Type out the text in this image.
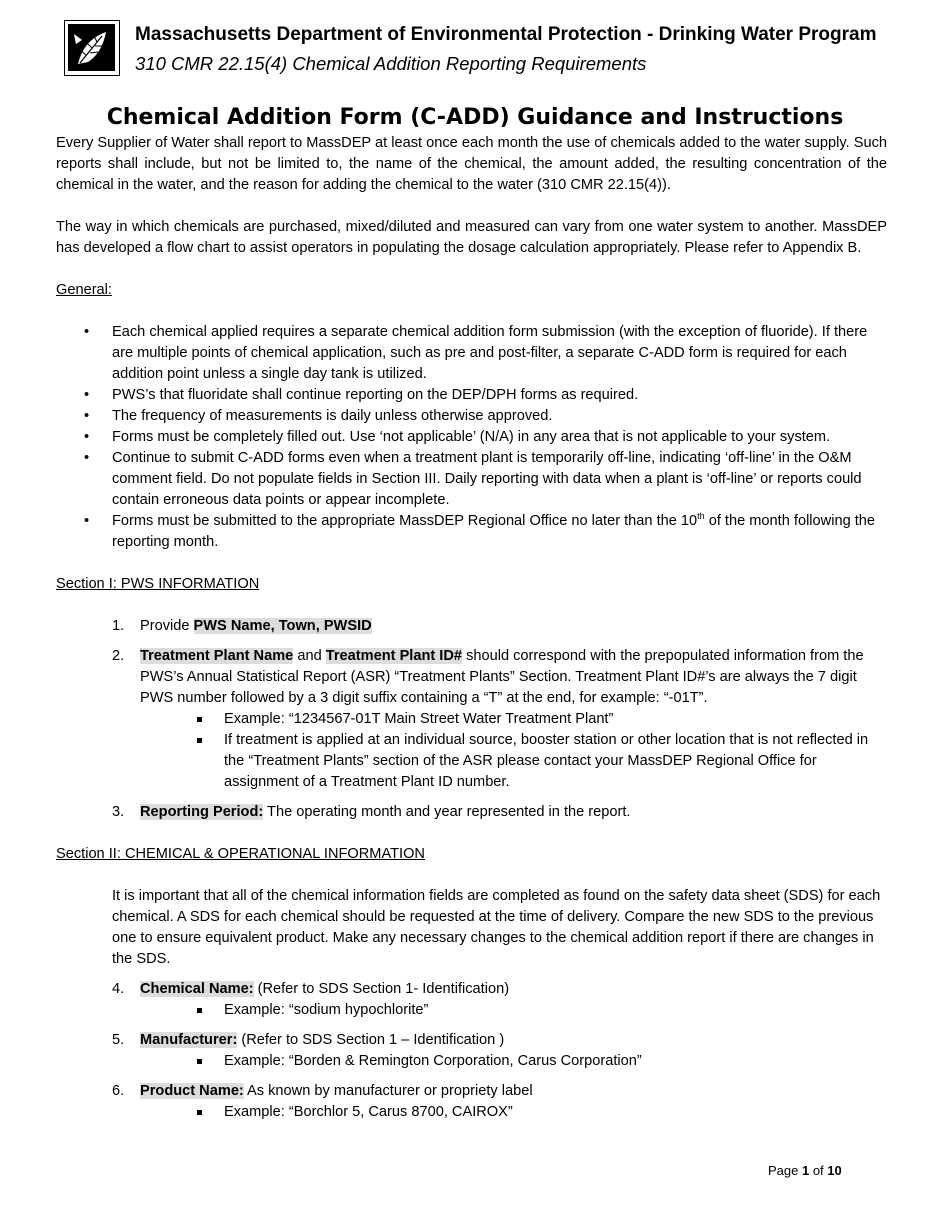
Massachusetts Department of Environmental Protection - Drinking Water Program
310 CMR 22.15(4) Chemical Addition Reporting Requirements
Chemical Addition Form (C-ADD) Guidance and Instructions

Every Supplier of Water shall report to MassDEP at least once each month the use of chemicals added to the water supply. Such reports shall include, but not be limited to, the name of the chemical, the amount added, the resulting concentration of the chemical in the water, and the reason for adding the chemical to the water (310 CMR 22.15(4)).

The way in which chemicals are purchased, mixed/diluted and measured can vary from one water system to another. MassDEP has developed a flow chart to assist operators in populating the dosage calculation appropriately. Please refer to Appendix B.

General:

• Each chemical applied requires a separate chemical addition form submission (with the exception of fluoride). If there are multiple points of chemical application, such as pre and post-filter, a separate C-ADD form is required for each addition point unless a single day tank is utilized.
• PWS’s that fluoridate shall continue reporting on the DEP/DPH forms as required.
• The frequency of measurements is daily unless otherwise approved.
• Forms must be completely filled out. Use ‘not applicable’ (N/A) in any area that is not applicable to your system.
• Continue to submit C-ADD forms even when a treatment plant is temporarily off-line, indicating ‘off-line’ in the O&M comment field. Do not populate fields in Section III. Daily reporting with data when a plant is ‘off-line’ or reports could contain erroneous data points or appear incomplete.
• Forms must be submitted to the appropriate MassDEP Regional Office no later than the 10th of the month following the reporting month.

Section I: PWS INFORMATION

1. Provide PWS Name, Town, PWSID
2. Treatment Plant Name and Treatment Plant ID# should correspond with the prepopulated information from the PWS’s Annual Statistical Report (ASR) “Treatment Plants” Section. Treatment Plant ID#’s are always the 7 digit PWS number followed by a 3 digit suffix containing a “T” at the end, for example: “-01T”.
Example: “1234567-01T Main Street Water Treatment Plant”
If treatment is applied at an individual source, booster station or other location that is not reflected in the “Treatment Plants” section of the ASR please contact your MassDEP Regional Office for assignment of a Treatment Plant ID number.
3. Reporting Period: The operating month and year represented in the report.

Section II: CHEMICAL & OPERATIONAL INFORMATION

It is important that all of the chemical information fields are completed as found on the safety data sheet (SDS) for each chemical. A SDS for each chemical should be requested at the time of delivery. Compare the new SDS to the previous one to ensure equivalent product. Make any necessary changes to the chemical addition report if there are changes in the SDS.

4. Chemical Name: (Refer to SDS Section 1- Identification)
Example: “sodium hypochlorite”
5. Manufacturer: (Refer to SDS Section 1 – Identification )
Example: “Borden & Remington Corporation, Carus Corporation”
6. Product Name: As known by manufacturer or propriety label
Example: “Borchlor 5, Carus 8700, CAIROX”
Page 1 of 10
